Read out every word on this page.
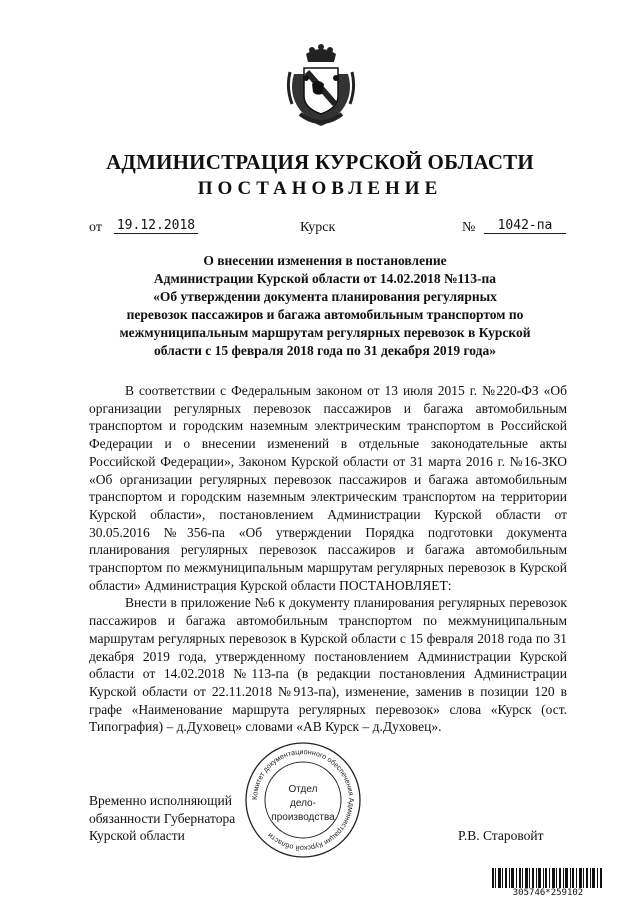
АДМИНИСТРАЦИЯ КУРСКОЙ ОБЛАСТИ
ПОСТАНОВЛЕНИЕ
от 19.12.2018	Курск	№	1042-па
О внесении изменения в постановление
Администрации Курской области от 14.02.2018 №113-па
«Об утверждении документа планирования регулярных
перевозок пассажиров и багажа автомобильным транспортом по
межмуниципальным маршрутам регулярных перевозок в Курской
области с 15 февраля 2018 года по 31 декабря 2019 года»

В соответствии с Федеральным законом от 13 июля 2015 г. №220-ФЗ «Об организации регулярных перевозок пассажиров и багажа автомобильным транспортом и городским наземным электрическим транспортом в Российской Федерации и о внесении изменений в отдельные законодательные акты Российской Федерации», Законом Курской области от 31 марта 2016 г. №16-ЗКО «Об организации регулярных перевозок пассажиров и багажа автомобильным транспортом и городским наземным электрическим транспортом на территории Курской области», постановлением Администрации Курской области от 30.05.2016 №356-па «Об утверждении Порядка подготовки документа планирования регулярных перевозок пассажиров и багажа автомобильным транспортом по межмуниципальным маршрутам регулярных перевозок в Курской области» Администрация Курской области ПОСТАНОВЛЯЕТ:

Внести в приложение №6 к документу планирования регулярных перевозок пассажиров и багажа автомобильным транспортом по межмуниципальным маршрутам регулярных перевозок в Курской области с 15 февраля 2018 года по 31 декабря 2019 года, утвержденному постановлением Администрации Курской области от 14.02.2018 №113-па (в редакции постановления Администрации Курской области от 22.11.2018 №913-па), изменение, заменив в позиции 120 в графе «Наименование маршрута регулярных перевозок» слова «Курск (ост. Типография) – д.Духовец» словами «АВ Курск – д.Духовец».

Временно исполняющий
обязанности Губернатора
Курской области	Р.В. Старовойт
Комитет документационного обеспечения Администрации Курской области
Отдел
дело-
производства
305746*259102
